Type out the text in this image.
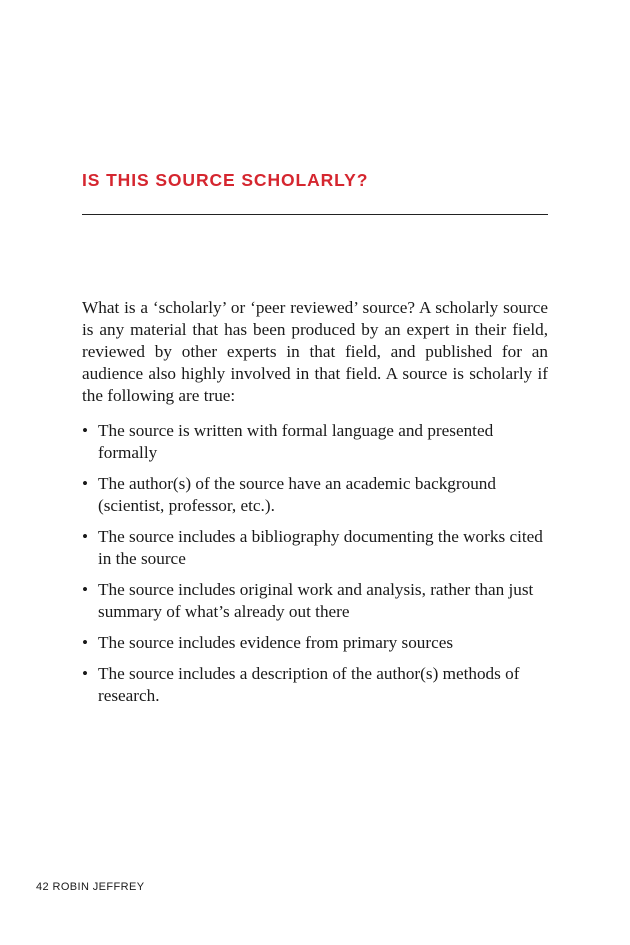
IS THIS SOURCE SCHOLARLY?

What is a ‘scholarly’ or ‘peer reviewed’ source? A scholarly source is any material that has been produced by an expert in their field, reviewed by other experts in that field, and published for an audience also highly involved in that field. A source is scholarly if the following are true:

• The source is written with formal language and presented formally
• The author(s) of the source have an academic background (scientist, professor, etc.).
• The source includes a bibliography documenting the works cited in the source
• The source includes original work and analysis, rather than just summary of what’s already out there
• The source includes evidence from primary sources
• The source includes a description of the author(s) methods of research.

42 ROBIN JEFFREY
